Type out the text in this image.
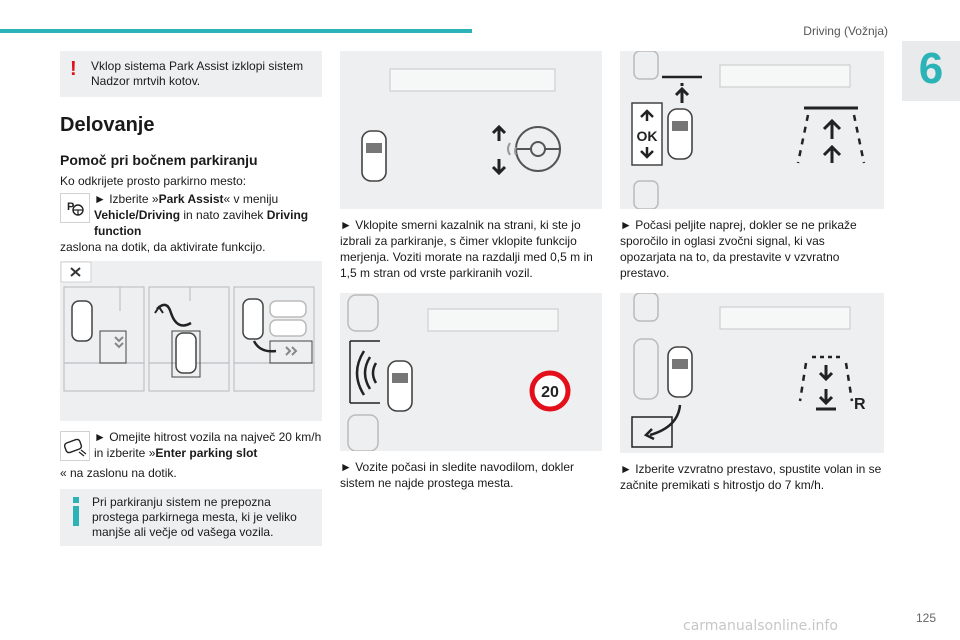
Driving (Vožnja)
6
! Vklop sistema Park Assist izklopi sistem Nadzor mrtvih kotov.
Delovanje
Pomoč pri bočnem parkiranju

Ko odkrijete prosto parkirno mesto:

P
► Izberite »Park Assist« v meniju Vehicle/Driving in nato zavihek Driving function

zaslona na dotik, da aktivirate funkcijo.

► Omejite hitrost vozila na največ 20 km/h in izberite »Enter parking slot

« na zaslonu na dotik.

Pri parkiranju sistem ne prepozna prostega parkirnega mesta, ki je veliko manjše ali večje od vašega vozila.

► Vklopite smerni kazalnik na strani, ki ste jo izbrali za parkiranje, s čimer vklopite funkcijo merjenja. Voziti morate na razdalji med 0,5 m in 1,5 m stran od vrste parkiranih vozil.

20

► Vozite počasi in sledite navodilom, dokler sistem ne najde prostega mesta.

OK

► Počasi peljite naprej, dokler se ne prikaže sporočilo in oglasi zvočni signal, ki vas opozarjata na to, da prestavite v vzvratno prestavo.

R

► Izberite vzvratno prestavo, spustite volan in se začnite premikati s hitrostjo do 7 km/h.

125
carmanualsonline.info
